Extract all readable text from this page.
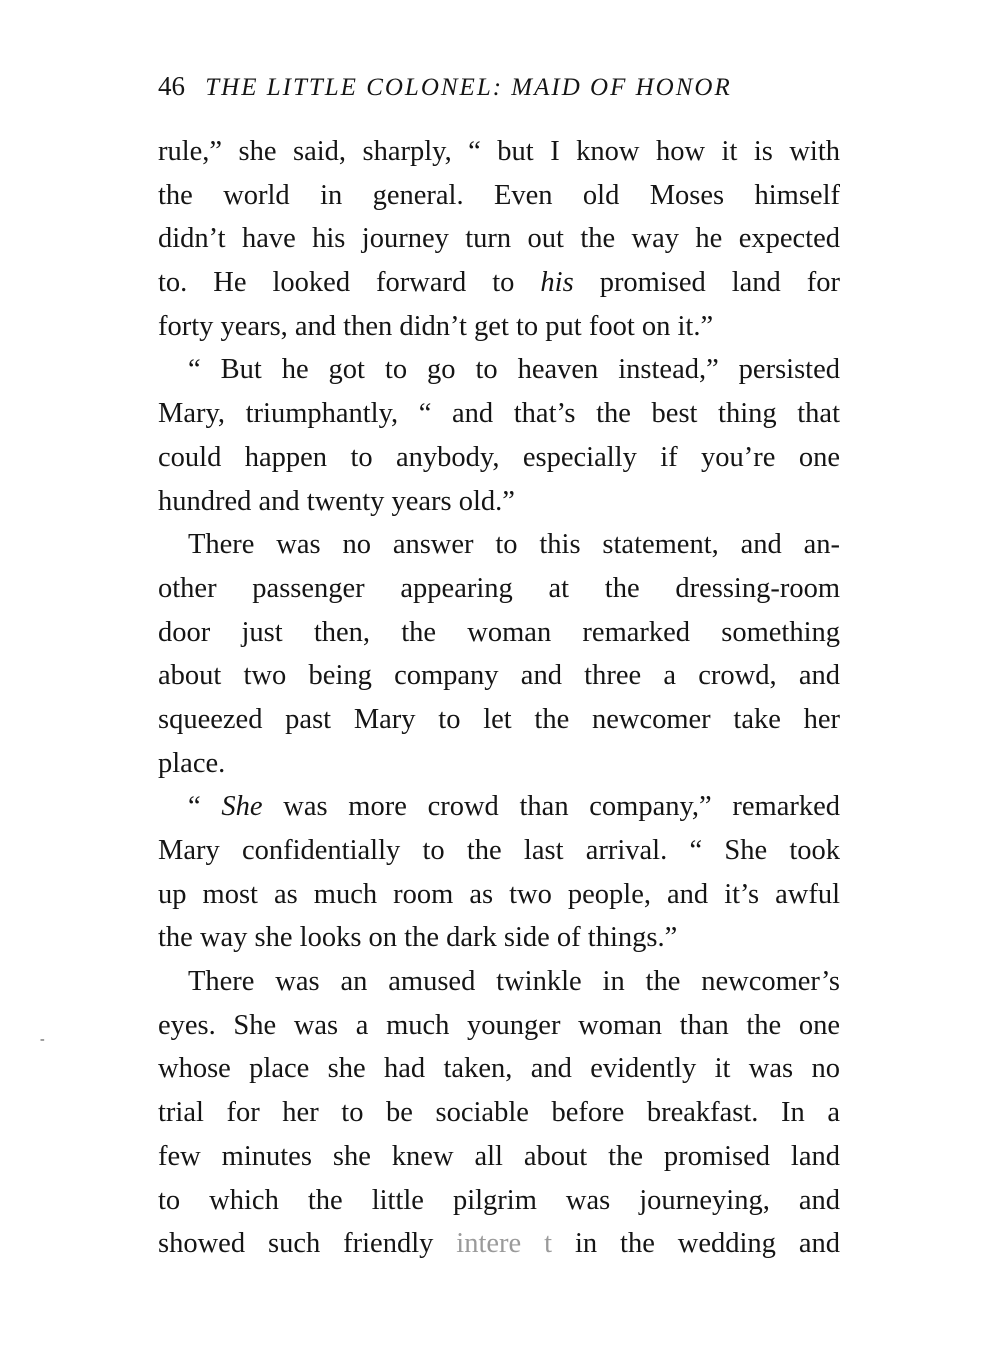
46 THE LITTLE COLONEL: MAID OF HONOR
rule,” she said, sharply, “ but I know how it is with
the world in general. Even old Moses himself
didn’t have his journey turn out the way he expected
to. He looked forward to his promised land for
forty years, and then didn’t get to put foot on it.”
“ But he got to go to heaven instead,” persisted
Mary, triumphantly, “ and that’s the best thing that
could happen to anybody, especially if you’re one
hundred and twenty years old.”
There was no answer to this statement, and an-
other passenger appearing at the dressing-room
door just then, the woman remarked something
about two being company and three a crowd, and
squeezed past Mary to let the newcomer take her
place.
“ She was more crowd than company,” remarked
Mary confidentially to the last arrival. “ She took
up most as much room as two people, and it’s awful
the way she looks on the dark side of things.”
There was an amused twinkle in the newcomer’s
eyes. She was a much younger woman than the one
whose place she had taken, and evidently it was no
trial for her to be sociable before breakfast. In a
few minutes she knew all about the promised land
to which the little pilgrim was journeying, and
showed such friendly intere t in the wedding and
-
